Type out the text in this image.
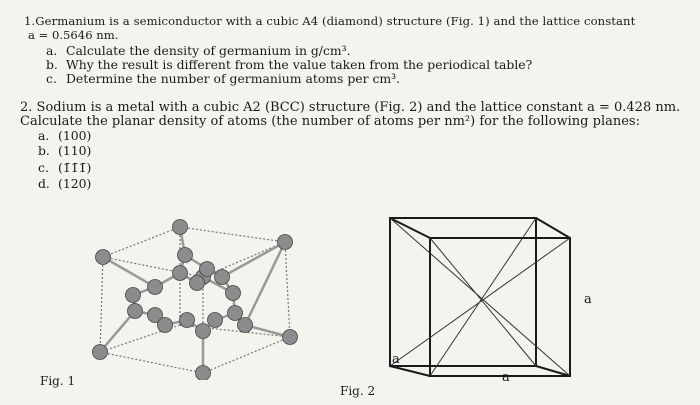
1.Germanium is a semiconductor with a cubic A4 (diamond) structure (Fig. 1) and the lattice constant
a = 0.5646 nm.
a. Calculate the density of germanium in g/cm³.
b. Why the result is different from the value taken from the periodical table?
c. Determine the number of germanium atoms per cm³.
2. Sodium is a metal with a cubic A2 (BCC) structure (Fig. 2) and the lattice constant a = 0.428 nm.
Calculate the planar density of atoms (the number of atoms per nm²) for the following planes:
a. (100)
b. (110)
c. (1̄1̄1̄)
d. (120)
a
a
a
Fig. 1
Fig. 2
